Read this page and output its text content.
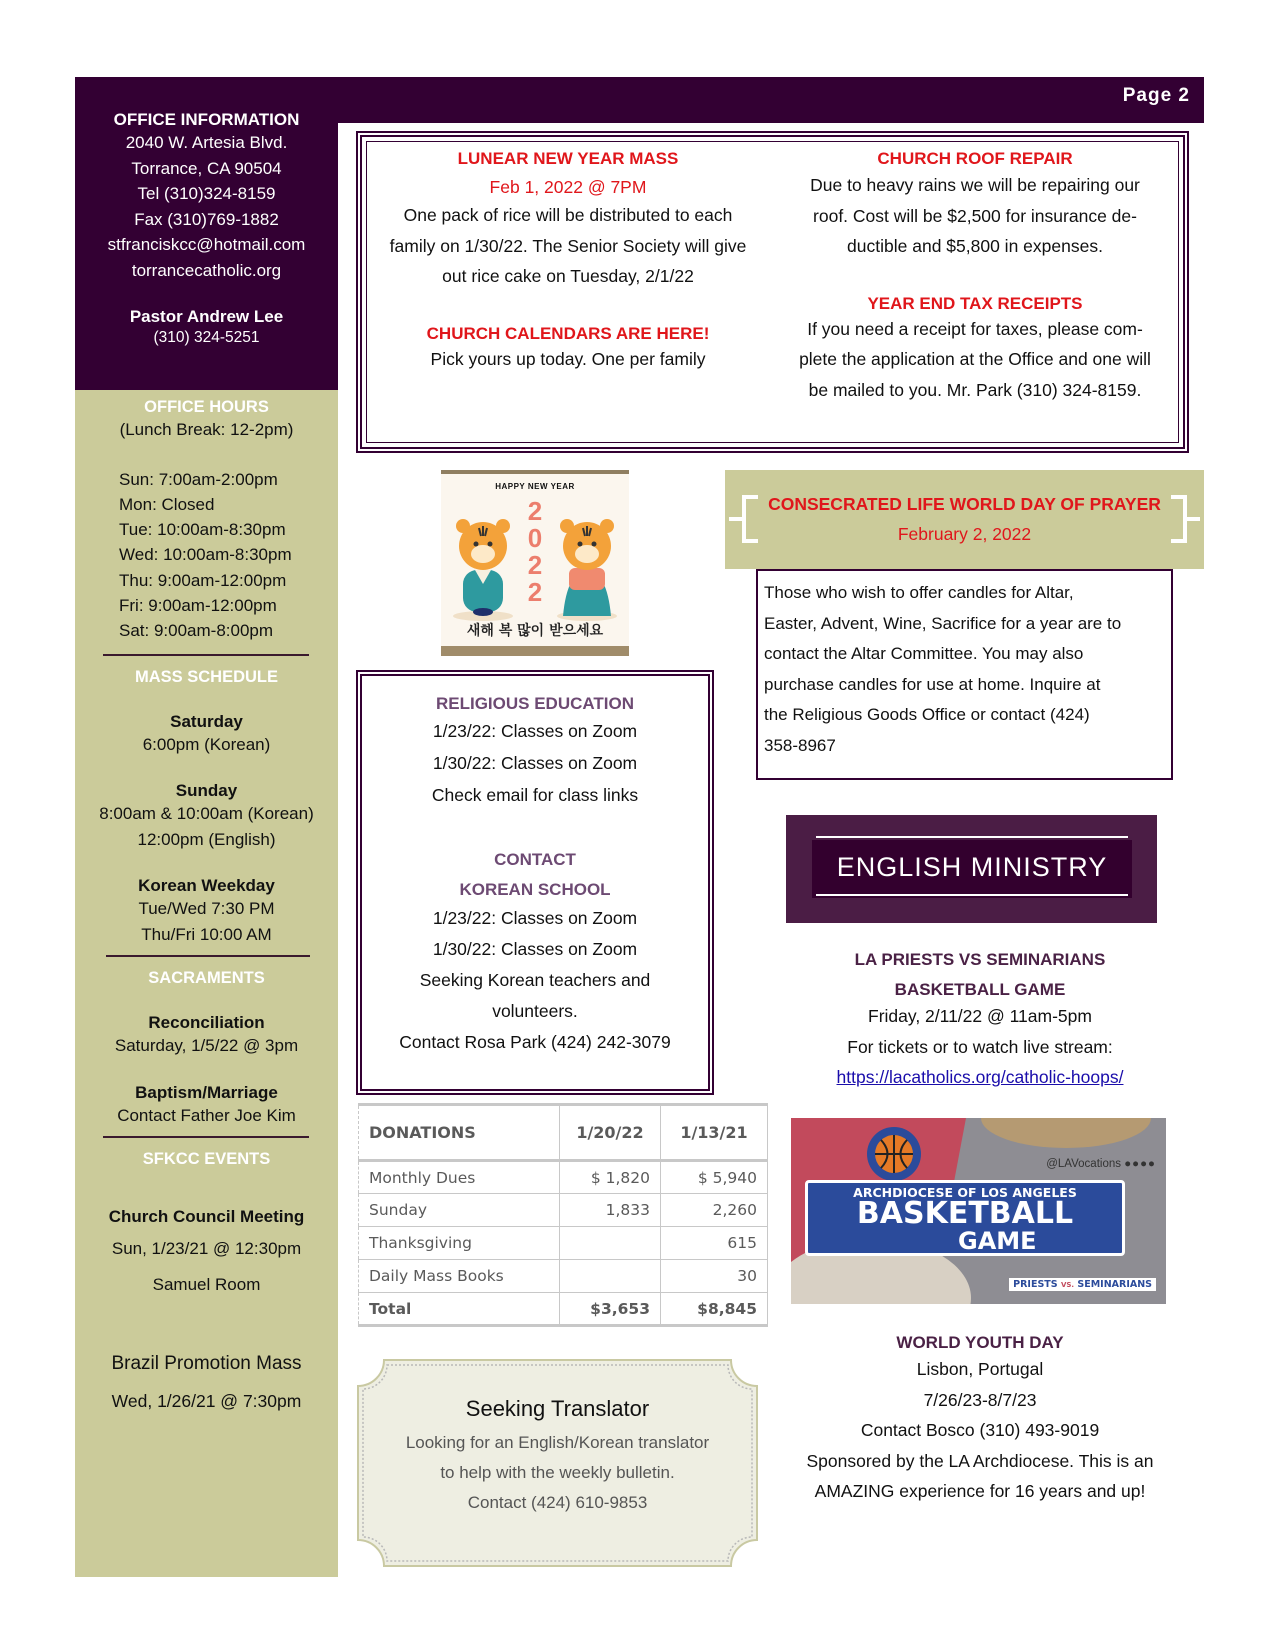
Page 2
OFFICE INFORMATION
2040 W. Artesia Blvd.
Torrance, CA 90504
Tel (310)324-8159
Fax (310)769-1882
stfranciskcc@hotmail.com
torrancecatholic.org
Pastor Andrew Lee
(310) 324-5251
OFFICE HOURS
(Lunch Break: 12-2pm)
Sun: 7:00am-2:00pm
Mon: Closed
Tue: 10:00am-8:30pm
Wed: 10:00am-8:30pm
Thu: 9:00am-12:00pm
Fri: 9:00am-12:00pm
Sat: 9:00am-8:00pm
MASS SCHEDULE
Saturday
6:00pm (Korean)
Sunday
8:00am & 10:00am (Korean)
12:00pm (English)
Korean Weekday
Tue/Wed 7:30 PM
Thu/Fri 10:00 AM
SACRAMENTS
Reconciliation
Saturday, 1/5/22 @ 3pm
Baptism/Marriage
Contact Father Joe Kim
SFKCC EVENTS
Church Council Meeting
Sun, 1/23/21 @ 12:30pm
Samuel Room
Brazil Promotion Mass
Wed, 1/26/21 @ 7:30pm
LUNEAR NEW YEAR MASS
Feb 1, 2022 @ 7PM
One pack of rice will be distributed to each
family on 1/30/22. The Senior Society will give
out rice cake on Tuesday, 2/1/22
CHURCH CALENDARS ARE HERE!
Pick yours up today. One per family
CHURCH ROOF REPAIR
Due to heavy rains we will be repairing our
roof. Cost will be $2,500 for insurance de-
ductible and $5,800 in expenses.
YEAR END TAX RECEIPTS
If you need a receipt for taxes, please com-
plete the application at the Office and one will
be mailed to you. Mr. Park (310) 324-8159.
HAPPY NEW YEAR
2
0
2
2
새해 복 많이 받으세요
CONSECRATED LIFE WORLD DAY OF PRAYER
February 2, 2022
Those who wish to offer candles for Altar,
Easter, Advent, Wine, Sacrifice for a year are to
contact the Altar Committee. You may also
purchase candles for use at home. Inquire at
the Religious Goods Office or contact (424)
358-8967
RELIGIOUS EDUCATION
1/23/22: Classes on Zoom
1/30/22: Classes on Zoom
Check email for class links
CONTACT
KOREAN SCHOOL
1/23/22: Classes on Zoom
1/30/22: Classes on Zoom
Seeking Korean teachers and
volunteers.
Contact Rosa Park (424) 242-3079
DONATIONS	1/20/22	1/13/21
Monthly Dues	$ 1,820	$ 5,940
Sunday	1,833	2,260
Thanksgiving		615
Daily Mass Books		30
Total	$3,653	$8,845
Seeking Translator
Looking for an English/Korean translator
to help with the weekly bulletin.
Contact (424) 610-9853
ENGLISH MINISTRY
LA PRIESTS VS SEMINARIANS
BASKETBALL GAME
Friday, 2/11/22 @ 11am-5pm
For tickets or to watch live stream:
https://lacatholics.org/catholic-hoops/
@LAVocations ●●●●
ARCHDIOCESE OF LOS ANGELES
BASKETBALL
GAME
PRIESTS VS. SEMINARIANS
WORLD YOUTH DAY
Lisbon, Portugal
7/26/23-8/7/23
Contact Bosco (310) 493-9019
Sponsored by the LA Archdiocese. This is an
AMAZING experience for 16 years and up!
